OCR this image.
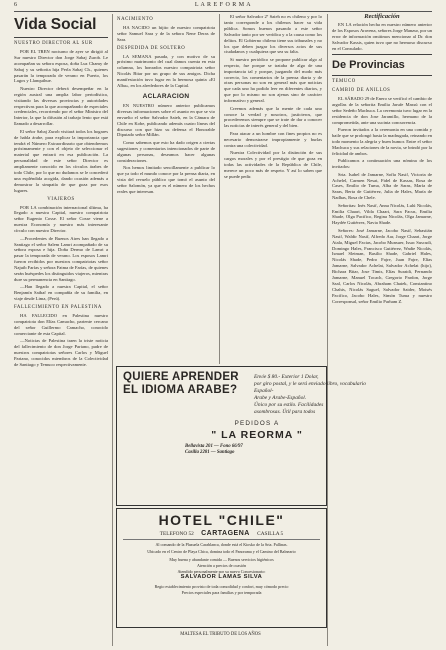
6	L A R E F O R M A
Vida Social
NUESTRO DIRECTOR AL SUR

POR EL TREN nocturno de ayer se dirigió al Sur nuestro Director don Jorge Sabaj Zurob. Le acompañan su señora esposa, doña Luz Chamy de Sabaj y su señorita hija Perla Sabaj Ch., quienes pasarán la temporada de verano en Puerto, los Lagos y Llanquihue.

Nuestro Director deberá desempeñar en la región austral una amplia labor periodística, visitando las diversas provincias y autoridades respectivas para la que acompañando de especiales credenciales, recorriendo por el señor Ministro del Interior, la que la difusión al trabajo lento que está llamado a desarrollar.

El señor Sabaj Zurob visitará todos los hogares de habla árabe, para explicar la importancia que tendrá el Número Extraordinario que obtendremos próximamente y con el objeto de seleccionar el material que entrará en esa publicación. La personalidad de este señor Director es ampliamente conocido en los círculos árabes de todo Chile, por lo que no dudamos se le concederá una espléndida acogida, dando ocasión además a demostrar la simpatía de que goza por esos lugares.

VIAJEROS

POR LA combinación internacional última, ha llegado a nuestra Capital, nuestro compatriota señor Eugenio Cosse. El señor Cosse viene a nuestra Economía y nuestro más interesante círculo con nuestro Director.

—Procedentes de Buenos Aires han llegado a Santiago el señor Salem Lamri acompañado de su señora esposa e hija. Doña Dermo de Lamri a pasar la temporada de verano. Los esposos Lamri fueron recibidos por nuestros compatriotas señor Najuib Farías y señora Fatma de Farías, de quienes serán huéspedes los distinguidos viajeros, mientras dure su permanencia en Santiago.

—Han llegado a nuestra Capital, el señor Benjamín Saibaf en compañía de su familia, en viaje desde Lima, (Perú).

FALLECIMIENTO EN PALESTINA

HA FALLECIDO en Palestina nuestro compatriota don Elías Camacho, pariente cercano del señor Guillermo Camacho, conocido comerciante de esta Capital.

—Noticias de Palestina traen la triste noticia del fallecimiento de don Jorge Pariano, padre de nuestros compatriotas señores Carlos y Miguel Pariano, conocidos miembros de la Colectividad de Santiago y Temuco respectivamente.

NACIMIENTO

HA NACIDO un hijito de nuestro compatriota señor Samuel Sara y de la señora Nene Deras de Sara.

DESPEDIDA DE SOLTERO

LA SEMANA pasada, y con motivo de su próximo matrimonio del cual damos cuenta en esta columna, los honrados nuestro compatriota señor Nicolás Bitar por un grupo de sus amigos. Dicha manifestación tuvo lugar en la hermosa quinta «El Alba», en los alrededores de la Capital.

ACLARACION

EN NUESTRO número anterior publicamos diversas informaciones sobre el asunto en que se vio envuelto el señor Salvador Saieh, en la Cámara de Chile en Kobe, publicando además cuatro líneas del discurso con que hizo su defensa el Honorable Diputado señor Millán.

Como sabemos que esto ha dado origen a ciertas sugestiones y comentarios intencionados de parte de algunas personas, deseamos hacer algunas consideraciones.

Nos hemos limitado sencillamente a publicar lo que ya todo el mundo conoce por la prensa diaria, en vista del revuelo público que tomó el asunto del señor Salomón, ya que es el número de los hechos reales que interesan.

El señor Salvador 2º Saieh no es chileno y por lo tanto corresponde a los chilenos hacer su vida pública. Somos buenos pasando a este señor Salvador tanto por ser verídica y a la causa como los delitos. El Gobierno chileno tiene sus tribunales y no los que deben juzgar los diversos actos de sus ciudadanos y cualquiera que sea su falta.

Si nuestro periódico se propone publicar algo al respecto, fue porque se trataba de algo de una importancia tal y porque, juzgando del modo más correcto, los comentarios de la prensa diaria y de otras personas no son en general más que noticias que cada uno ha podido leer en diferentes diarios, y que por lo mismo no son ajenas sino de carácter informativo y general.

Creemos además que la mente de cada uno conoce la verdad y nosotros, justicieros, que procederemos siempre que se trate de dar a conocer las noticias de interés general y del bien.

Para atacar a un hombre con fines propios no es necesario demostrarse impropiamente y burlas contra una colectividad.

Nuestra Colectividad por la distinción de sus cargos morales y por el prestigio de que goza en todas las actividades de la República de Chile, merece un poco más de respeto. Y así lo saben que se puede pedir.

Rectificación

EN LA relación hecha en nuestro número anterior de los Esposos Aravena, señores Jorge Manzur, por un error de información omitimos mencionar al Dr. don Salvador Kassis, quien tuvo que no hermoso discurso en el Consulado.

De Provincias
TEMUCO
CAMBIO DE ANILLOS

EL SÁBADO 29 de Enero se verificó el cambio de argollas de la señorita Emilia Jarufe Massú con el señor Sedeño Machuca. La ceremonia tuvo lugar en la residencia de don Jose Jaramillo, hermano de la comprometida, ante una sucinta concurrencia.

Fueron invitados a la ceremonia en una comida y baile que se prolongó hasta la madrugada, reinando en todo momento la alegría y buen humor. Entre el señor Machuca y sus relaciones de la novia, se brindó por la felicidad de ambos.

Publicamos a continuación una nómina de los invitados:

Srta. Isabel de Jamarne, Sofía Nasif, Victoria de Achelel, Carmen Nesat, Fidel de Kassas, Rosa de Cases, Emilio de Tuma, Alba de Saras, María de Saras, Berta de Gutiérrez, Julia de Hales, María de Nadhas, Rosa de Chele.

Señoritas: Inés Nasif, Anna Nicolás, Lulú Nicolás, Emilia Chaari, Vilda Chaari, Sara Facus, Emilia Shade, Olga Pacifico, Regina Nicolás, Olga Jamarne, Haydée Gutiérrez, Navia Shade.

Señores: José Jamarne, Jacobo Nasif, Sebastián Nasif, Waldir Nasif, Alfredo Aar, Jorge Chaari, Jorge Atala, Miguel Facias, Jacobo Munsuer, Issac Suscudi, Domingo Hales, Francisco Gutiérrez, Wadie Nicolás, Ismael Sleiman, Basilio Shade, Gabriel Hales, Nicolás Shade, Pedro Fajre, Juan Fajre, Elías Jamarne, Salvador Achelat, Salvador Achelat (hijo), Bichara Bitar, Jose Timis, Elías Suraidi, Fernando Jamarne, Manuel Tocach, Gregorio Pardon, Jorge Saal, Carlos Nicolás, Abraham Chaiek, Constantino Chahis, Nicolás Saguel, Salvador Saider, Moisés Pacifico, Jacobo Hales, Simón Tuma y nuestro Corresponsal, señor Emilio Parham Z.

QUIERE APRENDER EL IDIOMA ARABE?
Envíe $ 80.- Exterior 1 Dolar,
por giro postal, y le será enviado libro, vocabulario Español-
Arabe y Arabe-Español.
Único por su estilo. Facilidades
asombrosas. Útil para todos
PEDIDOS A
" LA REORMA "
Bellavista 201 — Fono 66/97
Casilla 2281 — Santiago
HOTEL "CHILE"
TELEFONO 52 CARTAGENA CASILLA 5
Al comando de la Plazuela Carablanca, donde está el Kiosko de la Srta. Pallinas.
Ubicado en el Centro de Playa Chica, domina todo el Panorama y el Camino del Balneario
Muy buena y abundante comida — Buenos servicios higiénicos
Atención a precios de ocasión
Atendido personalmente por su nuevo Concesionario:
SALVADOR LAMAS SILVA
Regio establecimiento provisto de toda comodidad y confort, muy cómodo precio
Precios especiales para familias y por temporada
MALTESA EL TRIBUTO DE LOS AÑOS
